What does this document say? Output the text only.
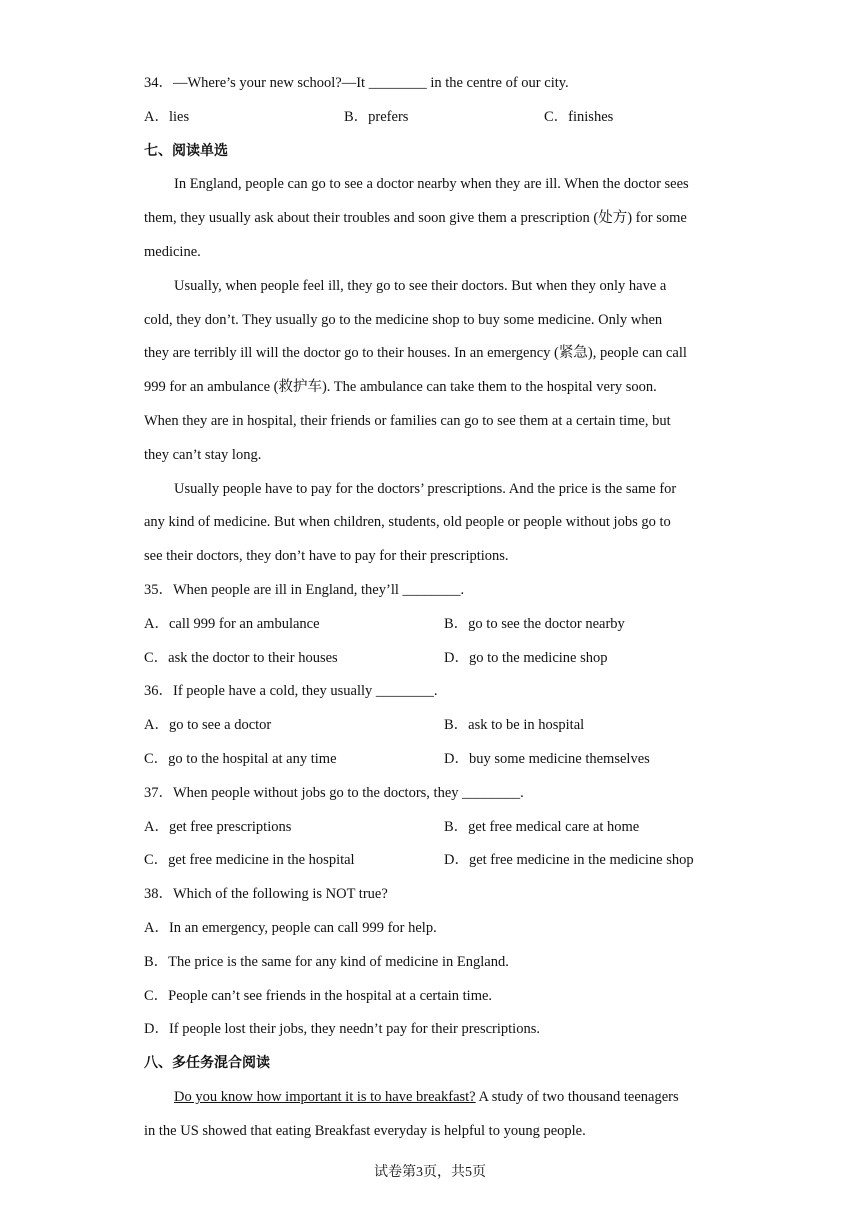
34．—Where’s your new school?—It ________ in the centre of our city.
A．lies	B．prefers	C．finishes
七、阅读单选
In England, people can go to see a doctor nearby when they are ill. When the doctor sees
them, they usually ask about their troubles and soon give them a prescription (处方) for some
medicine.
Usually, when people feel ill, they go to see their doctors. But when they only have a
cold, they don’t. They usually go to the medicine shop to buy some medicine. Only when
they are terribly ill will the doctor go to their houses. In an emergency (紧急), people can call
999 for an ambulance (救护车). The ambulance can take them to the hospital very soon.
When they are in hospital, their friends or families can go to see them at a certain time, but
they can’t stay long.
Usually people have to pay for the doctors’ prescriptions. And the price is the same for
any kind of medicine. But when children, students, old people or people without jobs go to
see their doctors, they don’t have to pay for their prescriptions.
35．When people are ill in England, they’ll ________.
A．call 999 for an ambulance	B．go to see the doctor nearby
C．ask the doctor to their houses	D．go to the medicine shop
36．If people have a cold, they usually ________.
A．go to see a doctor	B．ask to be in hospital
C．go to the hospital at any time	D．buy some medicine themselves
37．When people without jobs go to the doctors, they ________.
A．get free prescriptions	B．get free medical care at home
C．get free medicine in the hospital	D．get free medicine in the medicine shop
38．Which of the following is NOT true?
A．In an emergency, people can call 999 for help.
B．The price is the same for any kind of medicine in England.
C．People can’t see friends in the hospital at a certain time.
D．If people lost their jobs, they needn’t pay for their prescriptions.
八、多任务混合阅读
Do you know how important it is to have breakfast? A study of two thousand teenagers
in the US showed that eating Breakfast everyday is helpful to young people.
试卷第3页，共5页
